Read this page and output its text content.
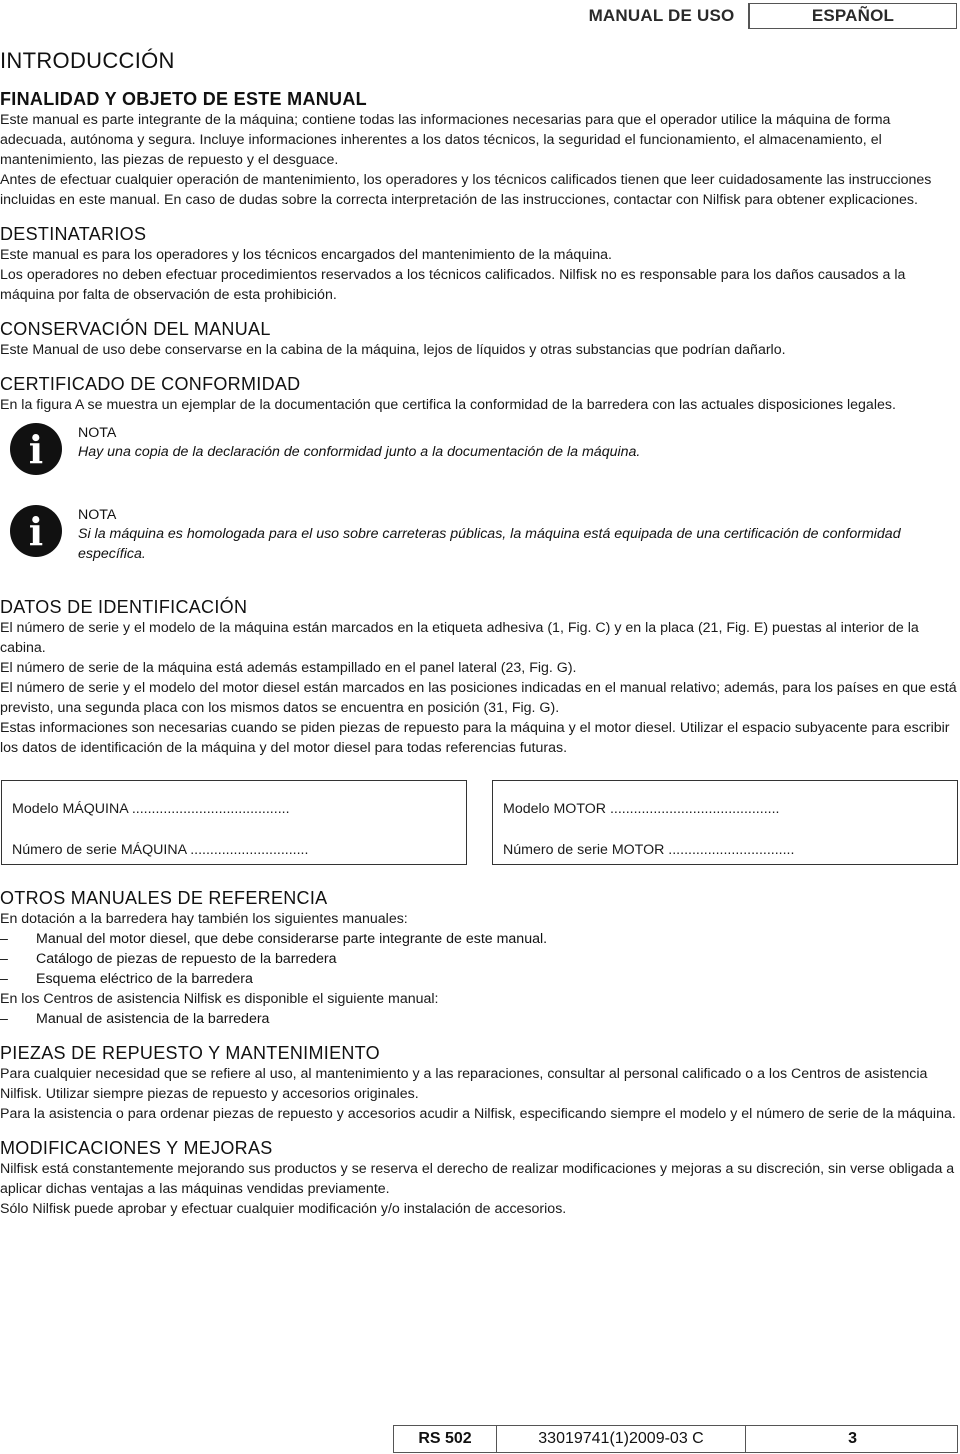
MANUAL DE USO	ESPAÑOL
INTRODUCCIÓN
FINALIDAD Y OBJETO DE ESTE MANUAL

Este manual es parte integrante de la máquina; contiene todas las informaciones necesarias para que el operador utilice la máquina de forma adecuada, autónoma y segura. Incluye informaciones inherentes a los datos técnicos, la seguridad el funcionamiento, el almacenamiento, el mantenimiento, las piezas de repuesto y el desguace.

Antes de efectuar cualquier operación de mantenimiento, los operadores y los técnicos calificados tienen que leer cuidadosamente las instrucciones incluidas en este manual. En caso de dudas sobre la correcta interpretación de las instrucciones, contactar con Nilfisk para obtener explicaciones.

DESTINATARIOS

Este manual es para los operadores y los técnicos encargados del mantenimiento de la máquina.

Los operadores no deben efectuar procedimientos reservados a los técnicos calificados. Nilfisk no es responsable para los daños causados a la máquina por falta de observación de esta prohibición.

CONSERVACIÓN DEL MANUAL

Este Manual de uso debe conservarse en la cabina de la máquina, lejos de líquidos y otras substancias que podrían dañarlo.

CERTIFICADO DE CONFORMIDAD

En la figura A se muestra un ejemplar de la documentación que certifica la conformidad de la barredera con las actuales disposiciones legales.

i	NOTA
Hay una copia de la declaración de conformidad junto a la documentación de la máquina.
i	NOTA
Si la máquina es homologada para el uso sobre carreteras públicas, la máquina está equipada de una certificación de conformidad específica.
DATOS DE IDENTIFICACIÓN

El número de serie y el modelo de la máquina están marcados en la etiqueta adhesiva (1, Fig. C) y en la placa (21, Fig. E) puestas al interior de la cabina.

El número de serie de la máquina está además estampillado en el panel lateral (23, Fig. G).

El número de serie y el modelo del motor diesel están marcados en las posiciones indicadas en el manual relativo; además, para los países en que está previsto, una segunda placa con los mismos datos se encuentra en posición (31, Fig. G).

Estas informaciones son necesarias cuando se piden piezas de repuesto para la máquina y el motor diesel. Utilizar el espacio subyacente para escribir los datos de identificación de la máquina y del motor diesel para todas referencias futuras.

Modelo MÁQUINA ........................................
Número de serie MÁQUINA ..............................
Modelo MOTOR ...........................................
Número de serie MOTOR ................................
OTROS MANUALES DE REFERENCIA

En dotación a la barredera hay también los siguientes manuales:

– Manual del motor diesel, que debe considerarse parte integrante de este manual.
– Catálogo de piezas de repuesto de la barredera
– Esquema eléctrico de la barredera

En los Centros de asistencia Nilfisk es disponible el siguiente manual:

– Manual de asistencia de la barredera
PIEZAS DE REPUESTO Y MANTENIMIENTO

Para cualquier necesidad que se refiere al uso, al mantenimiento y a las reparaciones, consultar al personal calificado o a los Centros de asistencia Nilfisk. Utilizar siempre piezas de repuesto y accesorios originales.

Para la asistencia o para ordenar piezas de repuesto y accesorios acudir a Nilfisk, especificando siempre el modelo y el número de serie de la máquina.

MODIFICACIONES Y MEJORAS

Nilfisk está constantemente mejorando sus productos y se reserva el derecho de realizar modificaciones y mejoras a su discreción, sin verse obligada a aplicar dichas ventajas a las máquinas vendidas previamente.

Sólo Nilfisk puede aprobar y efectuar cualquier modificación y/o instalación de accesorios.

RS 502	33019741(1)2009-03 C	3
